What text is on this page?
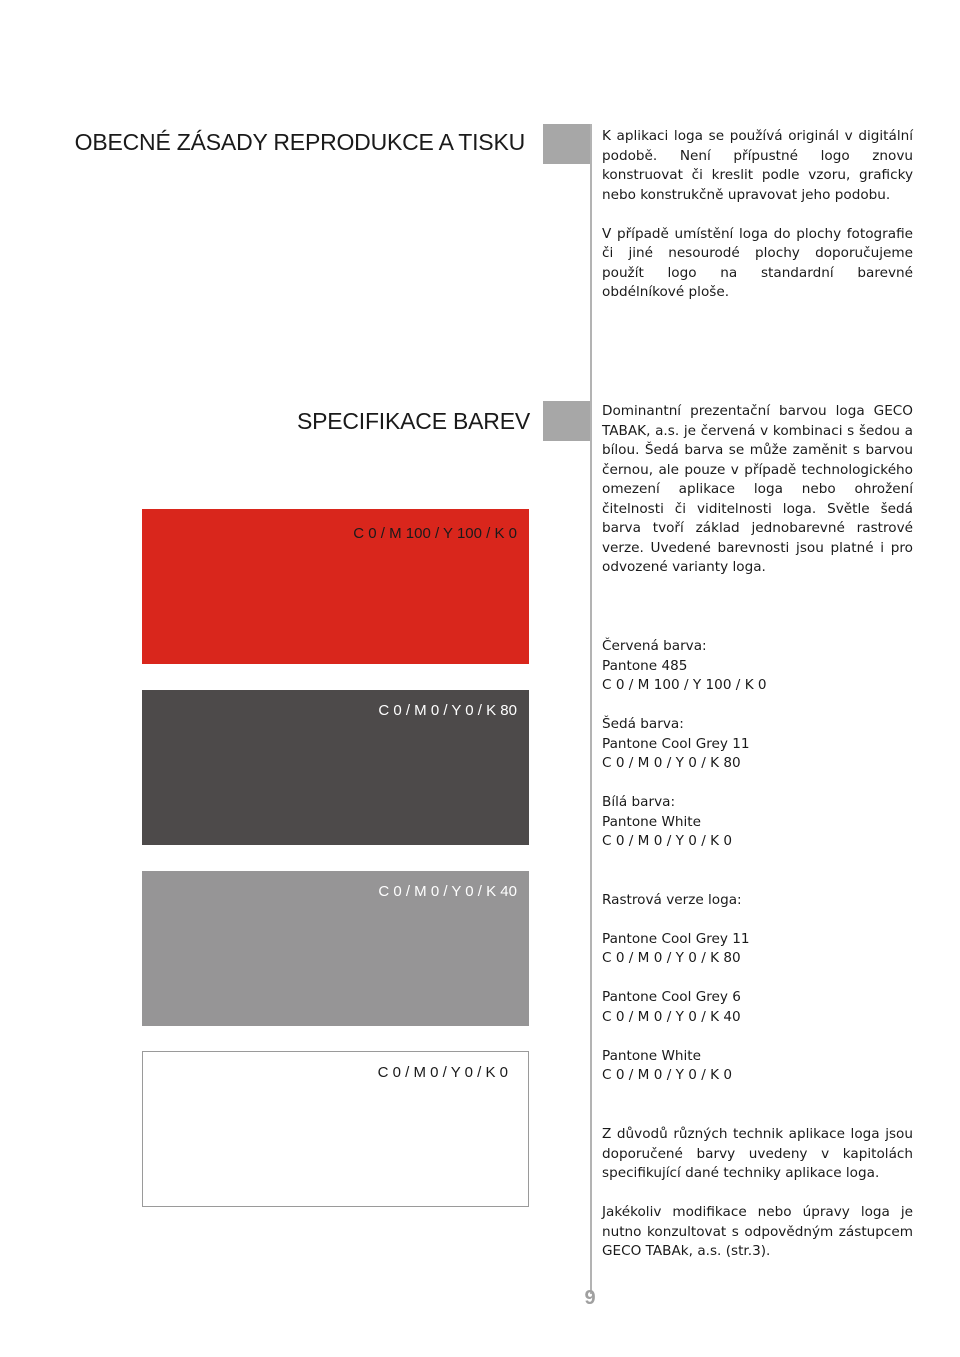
OBECNÉ ZÁSADY REPRODUKCE A TISKU	K aplikaci loga se používá originál v digitální podobě. Není přípustné logo znovu konstruovat či kreslit podle vzoru, graficky nebo konstrukčně upravovat jeho podobu.

V případě umístění loga do plochy fotografie či jiné nesourodé plochy doporučujeme použít logo na standardní barevné obdélníkové ploše.

SPECIFIKACE BAREV	Dominantní prezentační barvou loga GECO TABAK, a.s. je červená v kombinaci s šedou a bílou. Šedá barva se může zaměnit s barvou černou, ale pouze v případě technologického omezení aplikace loga nebo ohrožení čitelnosti či viditelnosti loga. Světle šedá barva tvoří základ jednobarevné rastrové verze. Uvedené barevnosti jsou platné i pro odvozené varianty loga.

C 0 / M 100 / Y 100 / K 0
C 0 / M 0 / Y 0 / K 80
C 0 / M 0 / Y 0 / K 40
C 0 / M 0 / Y 0 / K 0
Červená barva:
Pantone 485
C 0 / M 100 / Y 100 / K 0
Šedá barva:
Pantone Cool Grey 11
C 0 / M 0 / Y 0 / K 80
Bílá barva:
Pantone White
C 0 / M 0 / Y 0 / K 0
Rastrová verze loga:
Pantone Cool Grey 11
C 0 / M 0 / Y 0 / K 80
Pantone Cool Grey 6
C 0 / M 0 / Y 0 / K 40
Pantone White
C 0 / M 0 / Y 0 / K 0

Z důvodů různých technik aplikace loga jsou doporučené barvy uvedeny v kapitolách specifikující dané techniky aplikace loga.

Jakékoliv modifikace nebo úpravy loga je nutno konzultovat s odpovědným zástupcem GECO TABAk, a.s. (str.3).

9
